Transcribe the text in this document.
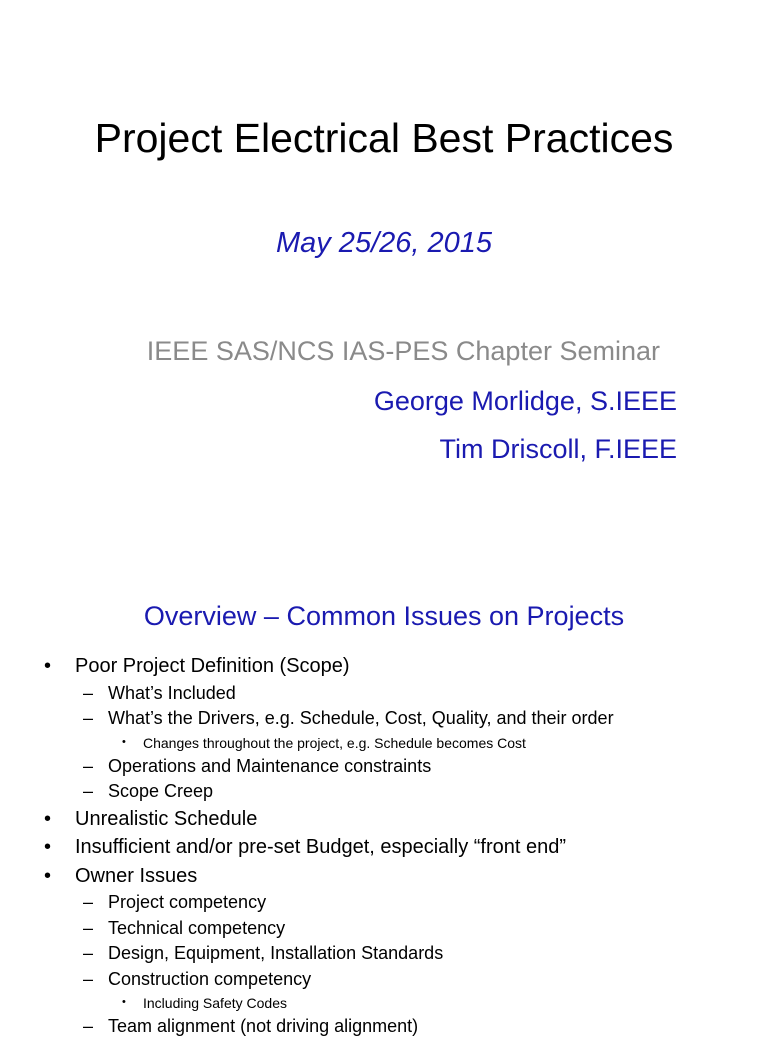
Project Electrical Best Practices
May 25/26, 2015
IEEE SAS/NCS IAS-PES Chapter Seminar
George Morlidge, S.IEEE
Tim Driscoll, F.IEEE
Overview – Common Issues on Projects
• Poor Project Definition (Scope)
– What’s Included
– What’s the Drivers, e.g. Schedule, Cost, Quality, and their order
• Changes throughout the project, e.g. Schedule becomes Cost
– Operations and Maintenance constraints
– Scope Creep
• Unrealistic Schedule
• Insufficient and/or pre-set Budget, especially “front end”
• Owner Issues
– Project competency
– Technical competency
– Design, Equipment, Installation Standards
– Construction competency
• Including Safety Codes
– Team alignment (not driving alignment)
